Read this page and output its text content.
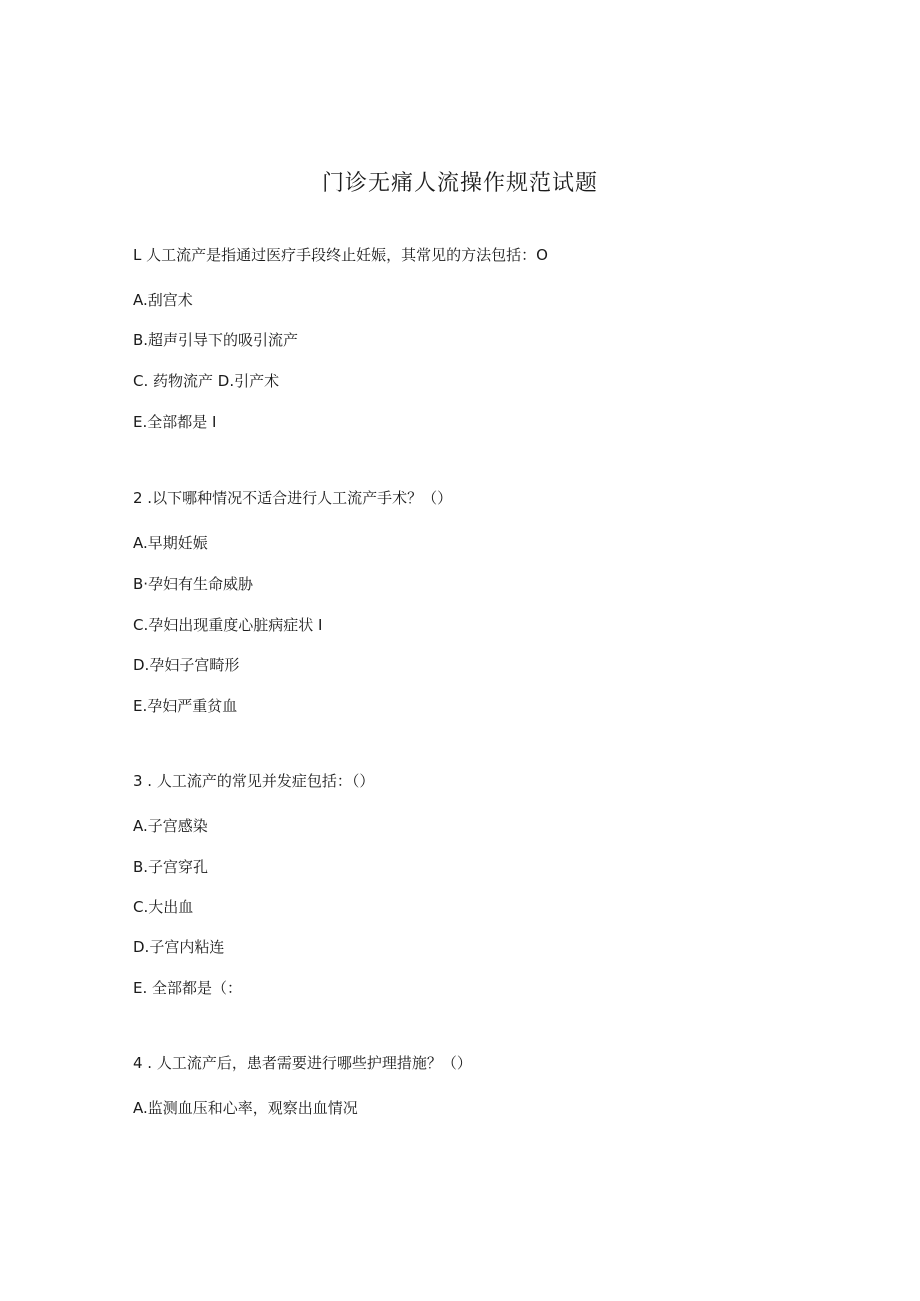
门诊无痛人流操作规范试题
L 人工流产是指通过医疗手段终止妊娠，其常见的方法包括：O
A.刮宫术
B.超声引导下的吸引流产
C. 药物流产 D.引产术
E.全部都是 I
2 .以下哪种情况不适合进行人工流产手术？（）
A.早期妊娠
B·孕妇有生命威胁
C.孕妇出现重度心脏病症状 I
D.孕妇子宫畸形
E.孕妇严重贫血
3 . 人工流产的常见并发症包括：（）
A.子宫感染
B.子宫穿孔
C.大出血
D.子宫内粘连
E. 全部都是（：
4 . 人工流产后，患者需要进行哪些护理措施？（）
A.监测血压和心率，观察出血情况
